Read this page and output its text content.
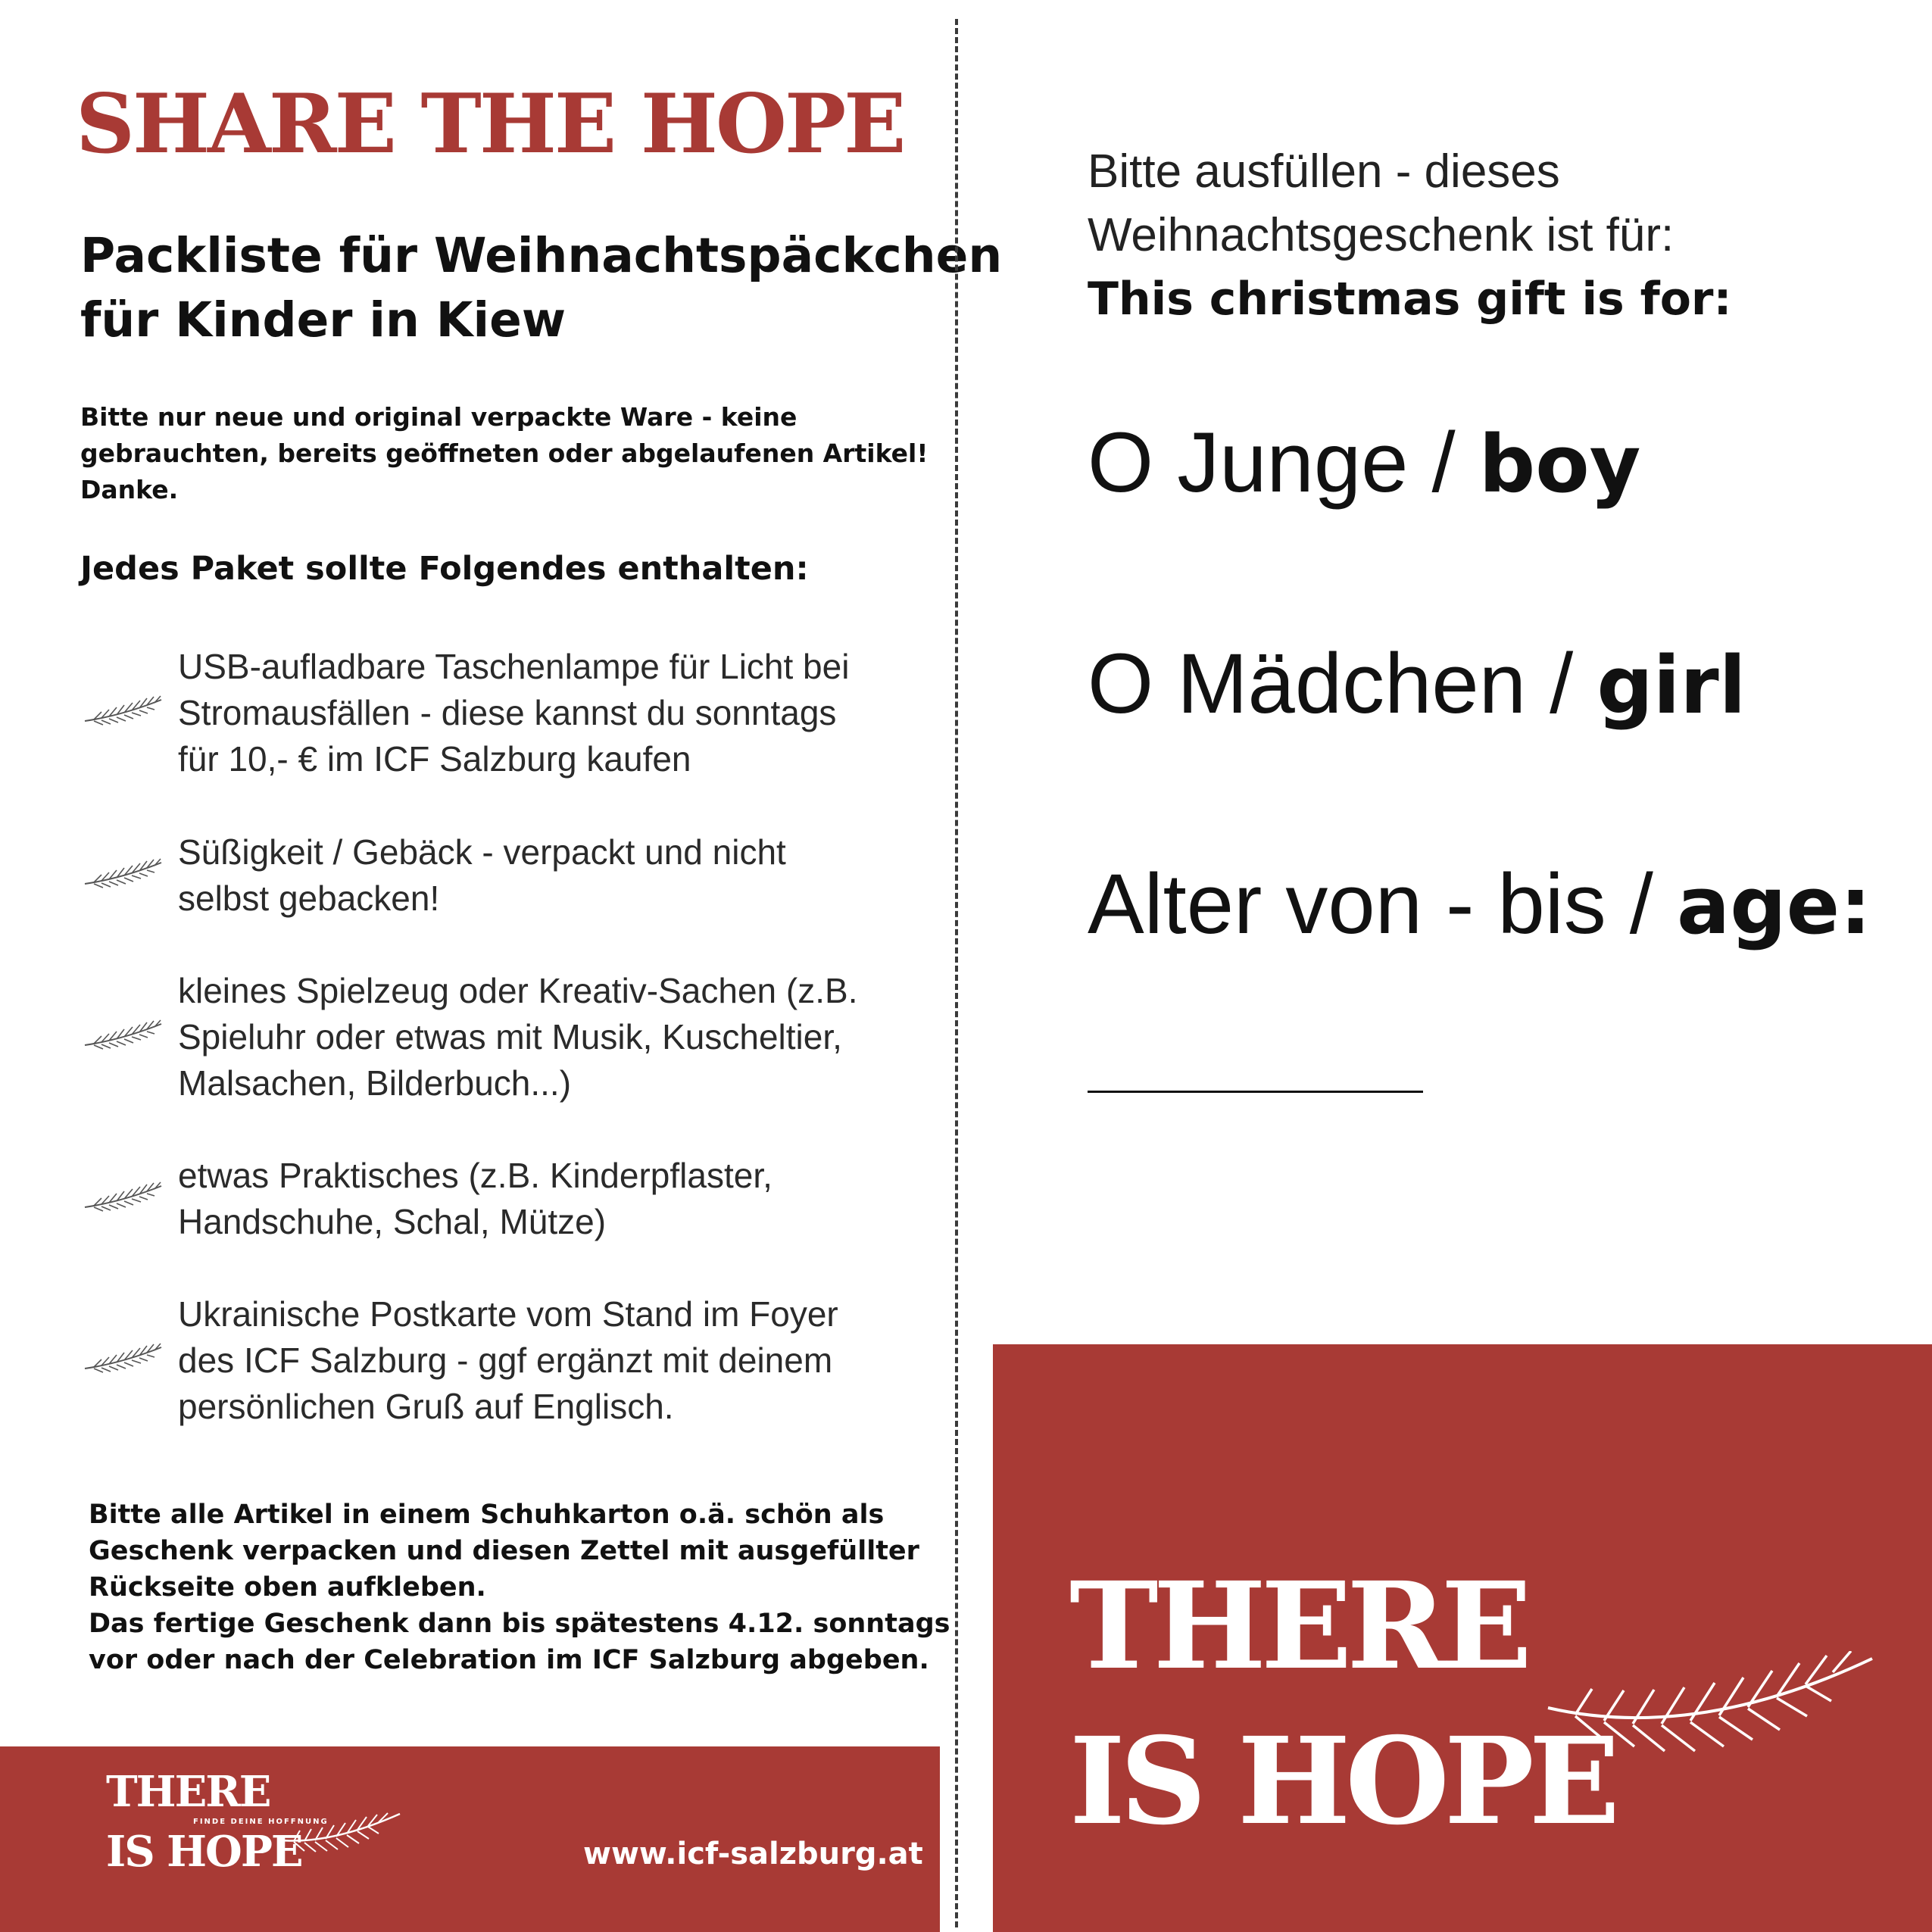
SHARE THE HOPE
Packliste für Weihnachtspäckchen
für Kinder in Kiew

Bitte nur neue und original verpackte Ware - keine
gebrauchten, bereits geöffneten oder abgelaufenen Artikel!
Danke.

Jedes Paket sollte Folgendes enthalten:

USB-aufladbare Taschenlampe für Licht bei
Stromausfällen - diese kannst du sonntags
für 10,- € im ICF Salzburg kaufen

Süßigkeit / Gebäck - verpackt und nicht
selbst gebacken!

kleines Spielzeug oder Kreativ-Sachen (z.B.
Spieluhr oder etwas mit Musik, Kuscheltier,
Malsachen, Bilderbuch...)

etwas Praktisches (z.B. Kinderpflaster,
Handschuhe, Schal, Mütze)

Ukrainische Postkarte vom Stand im Foyer
des ICF Salzburg - ggf ergänzt mit deinem
persönlichen Gruß auf Englisch.

Bitte alle Artikel in einem Schuhkarton o.ä. schön als
Geschenk verpacken und diesen Zettel mit ausgefüllter
Rückseite oben aufkleben.
Das fertige Geschenk dann bis spätestens 4.12. sonntags
vor oder nach der Celebration im ICF Salzburg abgeben.

THERE
FINDE DEINE HOFFNUNG
IS HOPE	www.icf-salzburg.at

Bitte ausfüllen - dieses
Weihnachtsgeschenk ist für:
This christmas gift is for:

O Junge / boy

O Mädchen / girl

Alter von - bis / age:

THERE
IS HOPE
